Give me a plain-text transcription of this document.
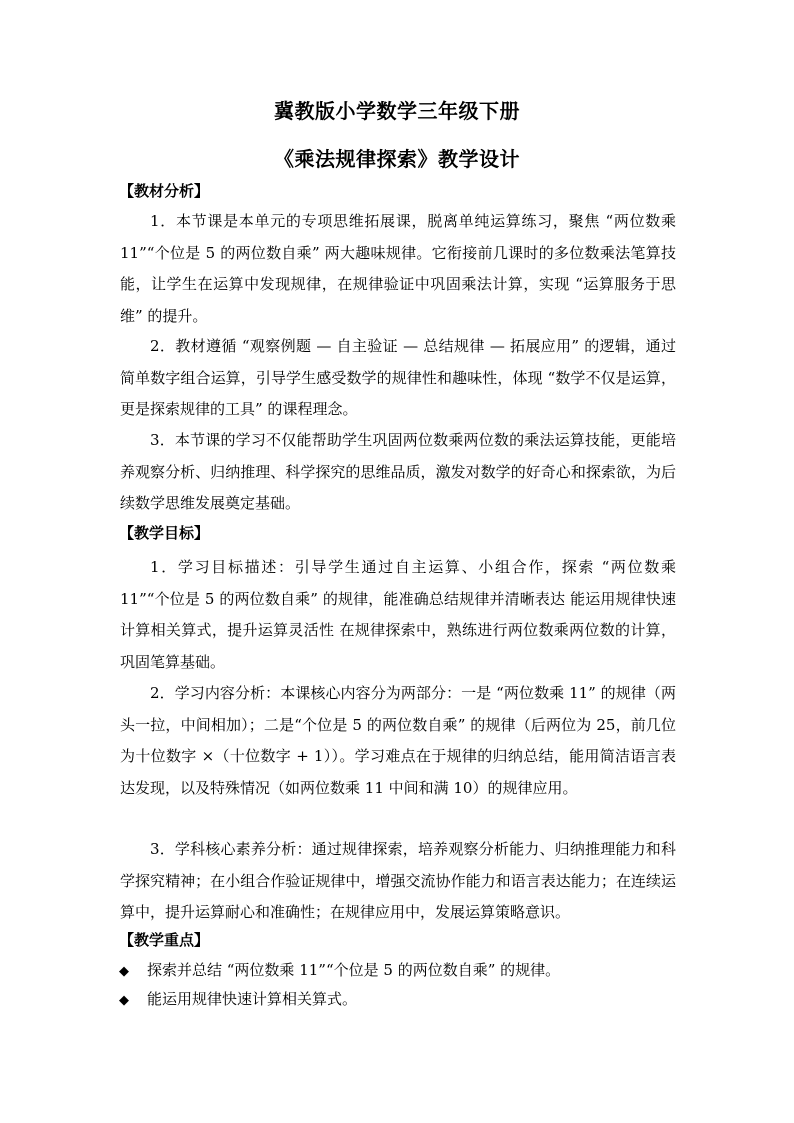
冀教版小学数学三年级下册
《乘法规律探索》教学设计
【教材分析】

1．本节课是本单元的专项思维拓展课，脱离单纯运算练习，聚焦 “两位数乘 11”“个位是 5 的两位数自乘” 两大趣味规律。它衔接前几课时的多位数乘法笔算技能，让学生在运算中发现规律，在规律验证中巩固乘法计算，实现 “运算服务于思维” 的提升。

2．教材遵循 “观察例题 — 自主验证 — 总结规律 — 拓展应用” 的逻辑，通过简单数字组合运算，引导学生感受数学的规律性和趣味性，体现 “数学不仅是运算，更是探索规律的工具” 的课程理念。

3．本节课的学习不仅能帮助学生巩固两位数乘两位数的乘法运算技能，更能培养观察分析、归纳推理、科学探究的思维品质，激发对数学的好奇心和探索欲，为后续数学思维发展奠定基础。

【教学目标】

1．学习目标描述：引导学生通过自主运算、小组合作，探索 “两位数乘 11”“个位是 5 的两位数自乘” 的规律，能准确总结规律并清晰表达 能运用规律快速计算相关算式，提升运算灵活性 在规律探索中，熟练进行两位数乘两位数的计算，巩固笔算基础。

2．学习内容分析：本课核心内容分为两部分：一是 “两位数乘 11” 的规律（两头一拉，中间相加）；二是“个位是 5 的两位数自乘” 的规律（后两位为 25，前几位为十位数字 ×（十位数字 + 1））。学习难点在于规律的归纳总结，能用简洁语言表达发现，以及特殊情况（如两位数乘 11 中间和满 10）的规律应用。

3．学科核心素养分析：通过规律探索，培养观察分析能力、归纳推理能力和科学探究精神；在小组合作验证规律中，增强交流协作能力和语言表达能力；在连续运算中，提升运算耐心和准确性；在规律应用中，发展运算策略意识。

【教学重点】
◆ 探索并总结 “两位数乘 11”“个位是 5 的两位数自乘” 的规律。
◆ 能运用规律快速计算相关算式。
